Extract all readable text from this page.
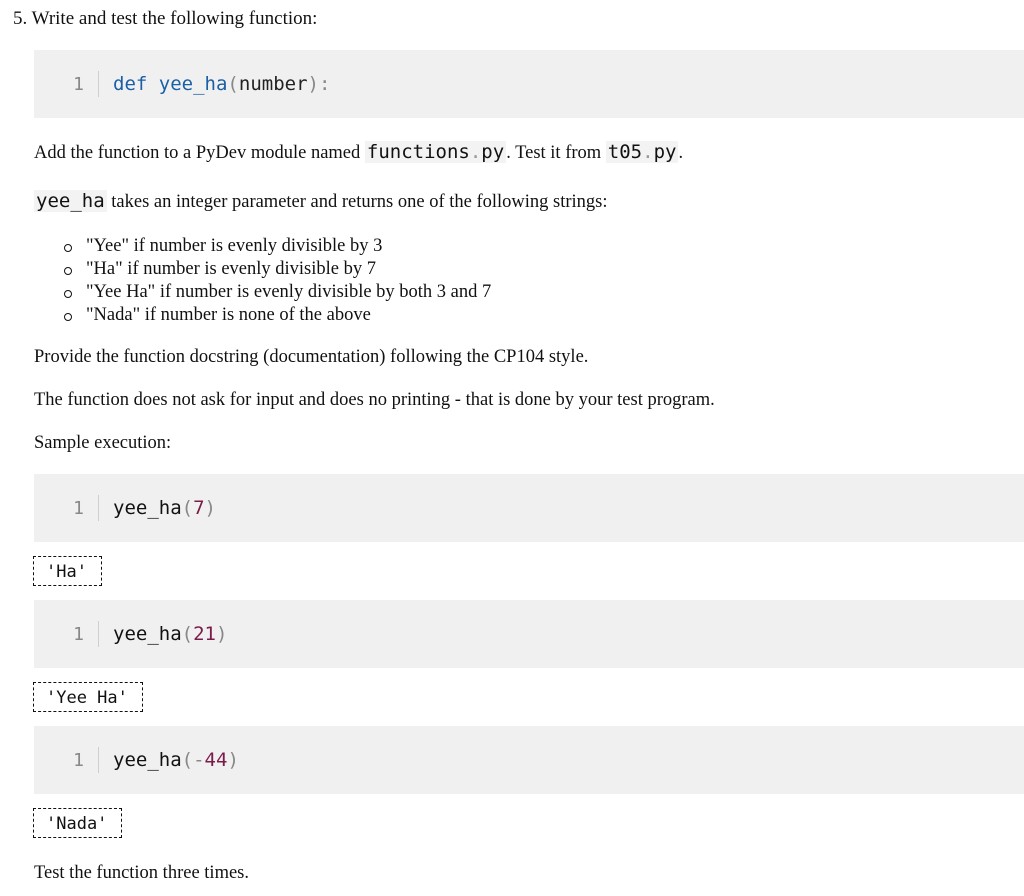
5. Write and test the following function:
1 def
yee_ha ( number ):
Add the function to a PyDev module named functions.py . Test it from t05.py .
yee_ha takes an integer parameter and returns one of the following strings:
"Yee" if number is evenly divisible by 3
"Ha" if number is evenly divisible by 7
"Yee Ha" if number is evenly divisible by both 3 and 7
"Nada" if number is none of the above
Provide the function docstring (documentation) following the CP104 style.
The function does not ask for input and does no printing - that is done by your test program.
Sample execution:
1 yee_ha ( 7 )
'Ha'
1 yee_ha ( 21 )
'Yee Ha'
1 yee_ha ( - 44 )
'Nada'
Test the function three times.
